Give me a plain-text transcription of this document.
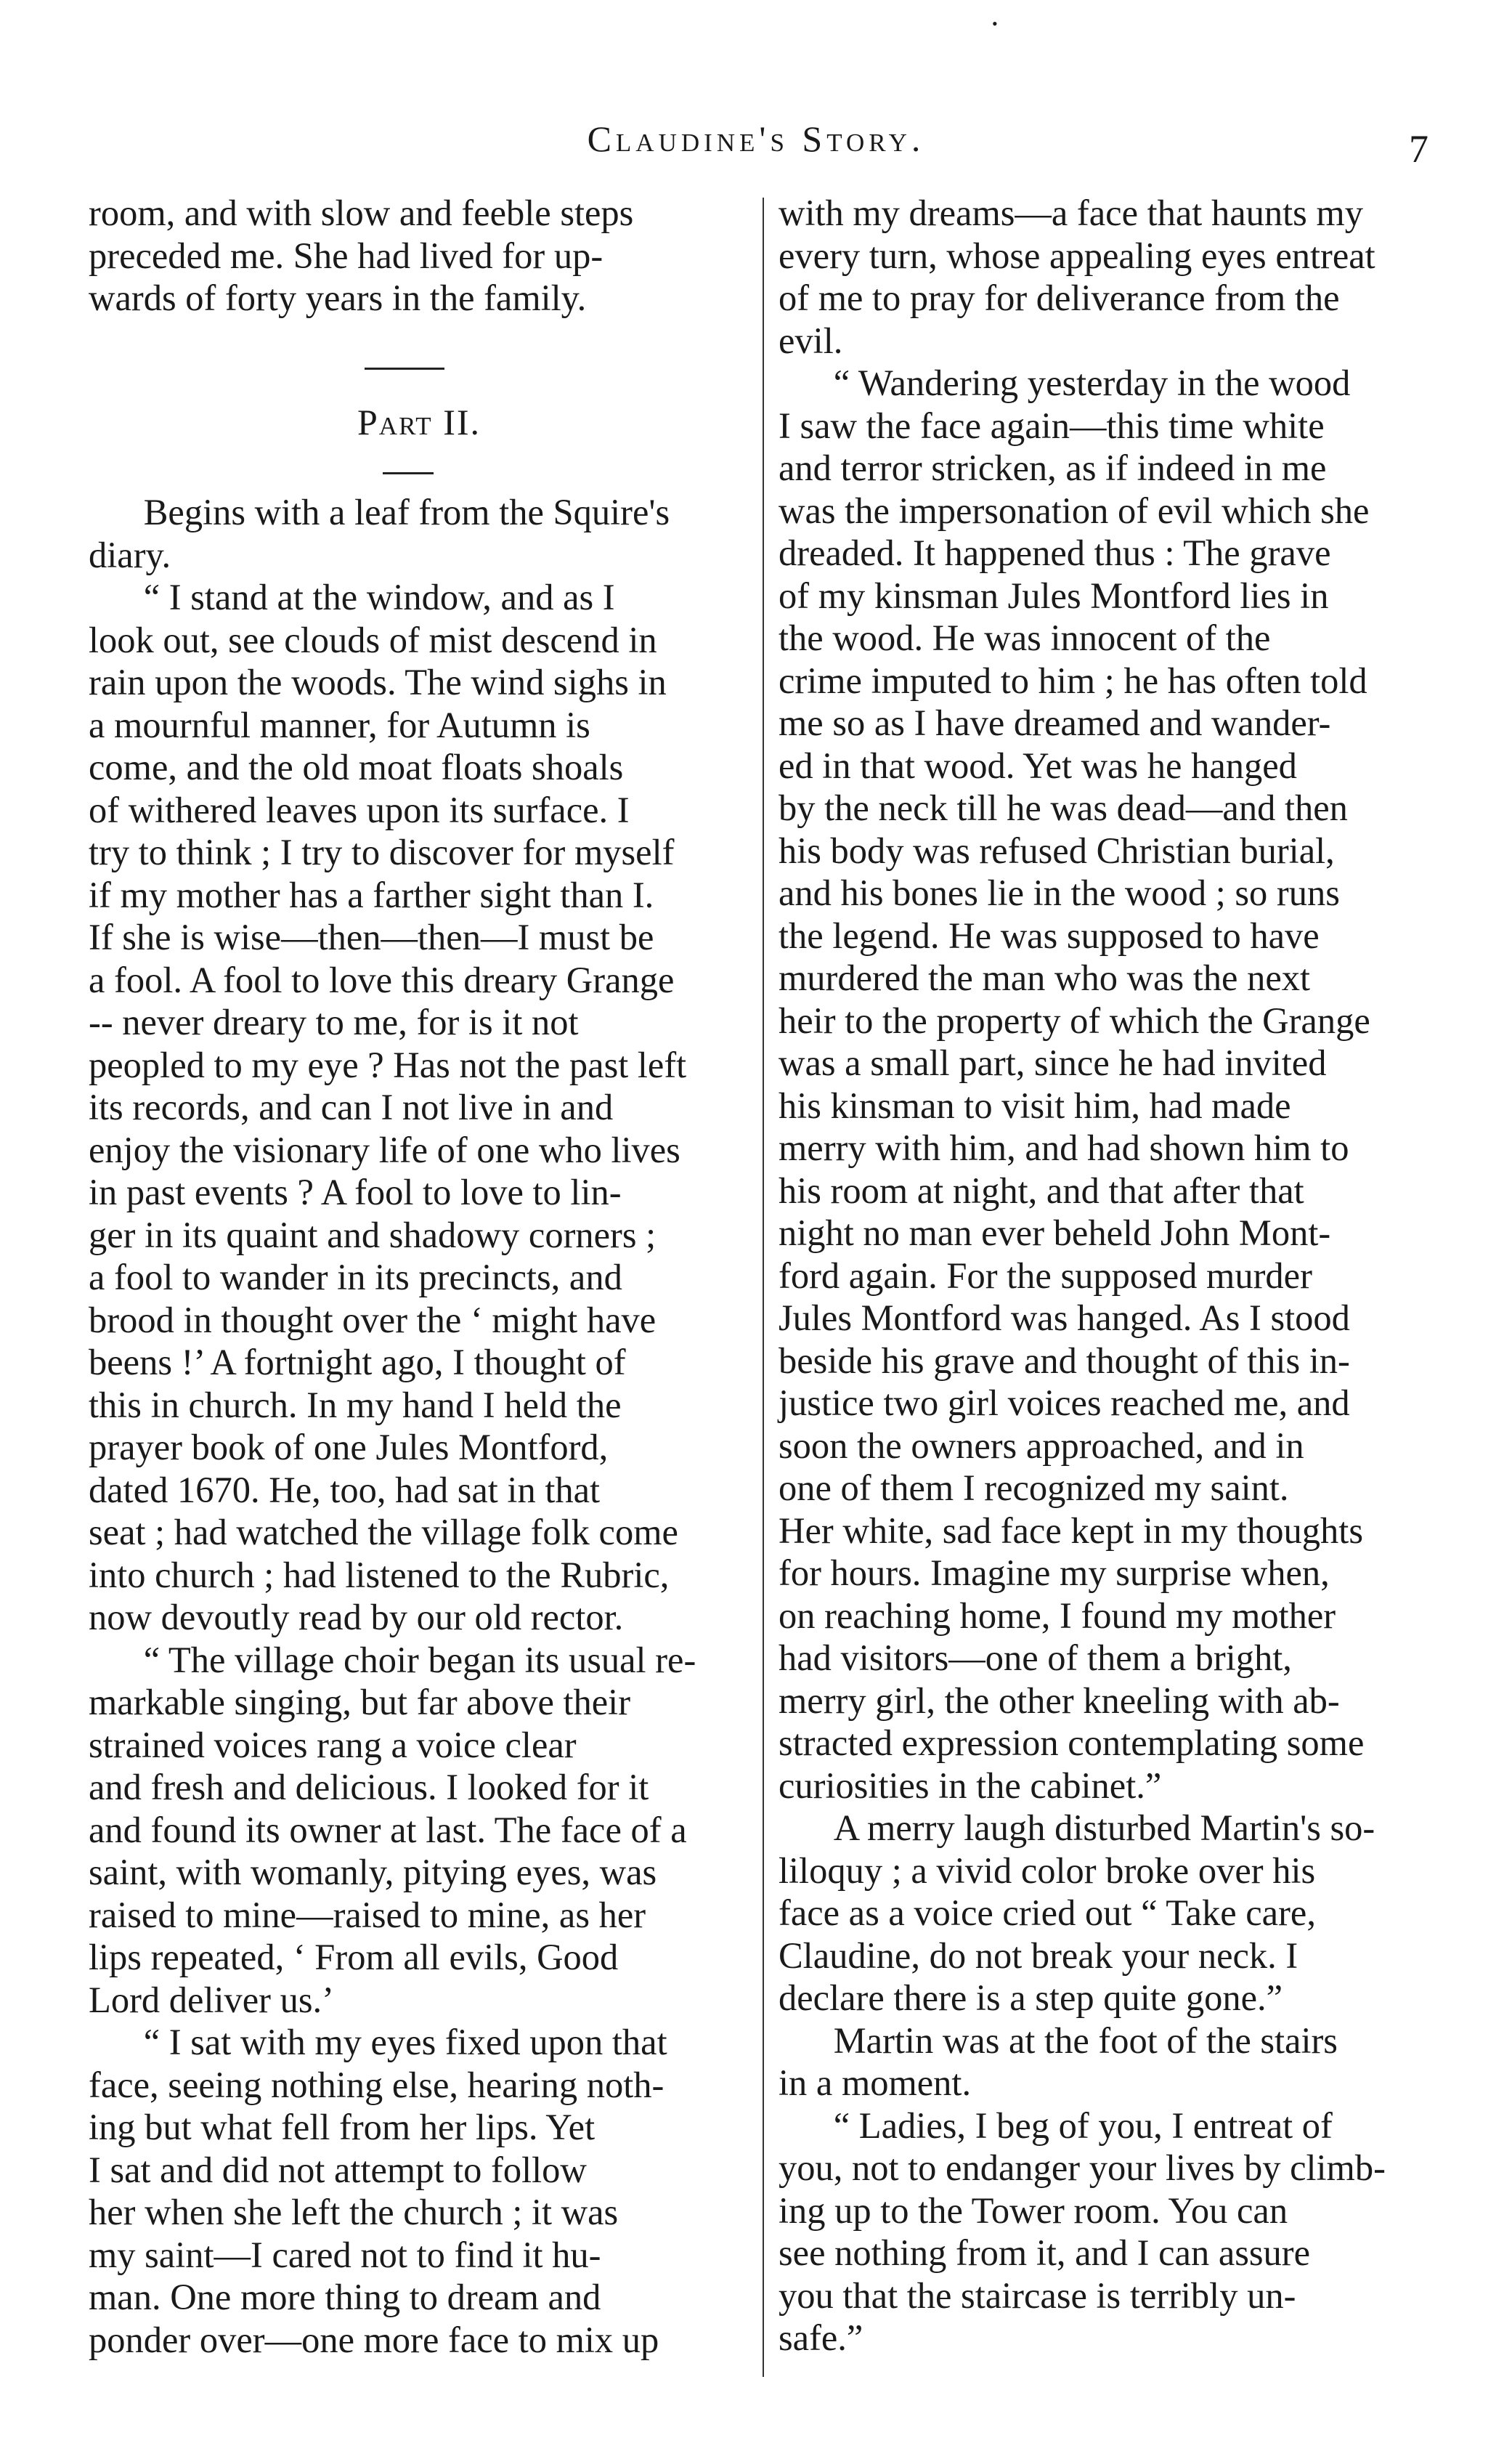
•
Claudine's Story.	7
room, and with slow and feeble steps
preceded me. She had lived for up-
wards of forty years in the family.
Part II.
  Begins with a leaf from the Squire's
diary.
  “ I stand at the window, and as I
look out, see clouds of mist descend in
rain upon the woods. The wind sighs in
a mournful manner, for Autumn is
come, and the old moat floats shoals
of withered leaves upon its surface. I
try to think ; I try to discover for myself
if my mother has a farther sight than I.
If she is wise—then—then—I must be
a fool. A fool to love this dreary Grange
-- never dreary to me, for is it not
peopled to my eye ? Has not the past left
its records, and can I not live in and
enjoy the visionary life of one who lives
in past events ? A fool to love to lin-
ger in its quaint and shadowy corners ;
a fool to wander in its precincts, and
brood in thought over the ‘ might have
beens !’ A fortnight ago, I thought of
this in church. In my hand I held the
prayer book of one Jules Montford,
dated 1670. He, too, had sat in that
seat ; had watched the village folk come
into church ; had listened to the Rubric,
now devoutly read by our old rector.
  “ The village choir began its usual re-
markable singing, but far above their
strained voices rang a voice clear
and fresh and delicious. I looked for it
and found its owner at last. The face of a
saint, with womanly, pitying eyes, was
raised to mine—raised to mine, as her
lips repeated, ‘ From all evils, Good
Lord deliver us.’
  “ I sat with my eyes fixed upon that
face, seeing nothing else, hearing noth-
ing but what fell from her lips. Yet
I sat and did not attempt to follow
her when she left the church ; it was
my saint—I cared not to find it hu-
man. One more thing to dream and
ponder over—one more face to mix up
with my dreams—a face that haunts my
every turn, whose appealing eyes entreat
of me to pray for deliverance from the
evil.
  “ Wandering yesterday in the wood
I saw the face again—this time white
and terror stricken, as if indeed in me
was the impersonation of evil which she
dreaded. It happened thus : The grave
of my kinsman Jules Montford lies in
the wood. He was innocent of the
crime imputed to him ; he has often told
me so as I have dreamed and wander-
ed in that wood. Yet was he hanged
by the neck till he was dead—and then
his body was refused Christian burial,
and his bones lie in the wood ; so runs
the legend. He was supposed to have
murdered the man who was the next
heir to the property of which the Grange
was a small part, since he had invited
his kinsman to visit him, had made
merry with him, and had shown him to
his room at night, and that after that
night no man ever beheld John Mont-
ford again. For the supposed murder
Jules Montford was hanged. As I stood
beside his grave and thought of this in-
justice two girl voices reached me, and
soon the owners approached, and in
one of them I recognized my saint.
Her white, sad face kept in my thoughts
for hours. Imagine my surprise when,
on reaching home, I found my mother
had visitors—one of them a bright,
merry girl, the other kneeling with ab-
stracted expression contemplating some
curiosities in the cabinet.”
  A merry laugh disturbed Martin's so-
liloquy ; a vivid color broke over his
face as a voice cried out “ Take care,
Claudine, do not break your neck. I
declare there is a step quite gone.”
  Martin was at the foot of the stairs
in a moment.
  “ Ladies, I beg of you, I entreat of
you, not to endanger your lives by climb-
ing up to the Tower room. You can
see nothing from it, and I can assure
you that the staircase is terribly un-
safe.”
